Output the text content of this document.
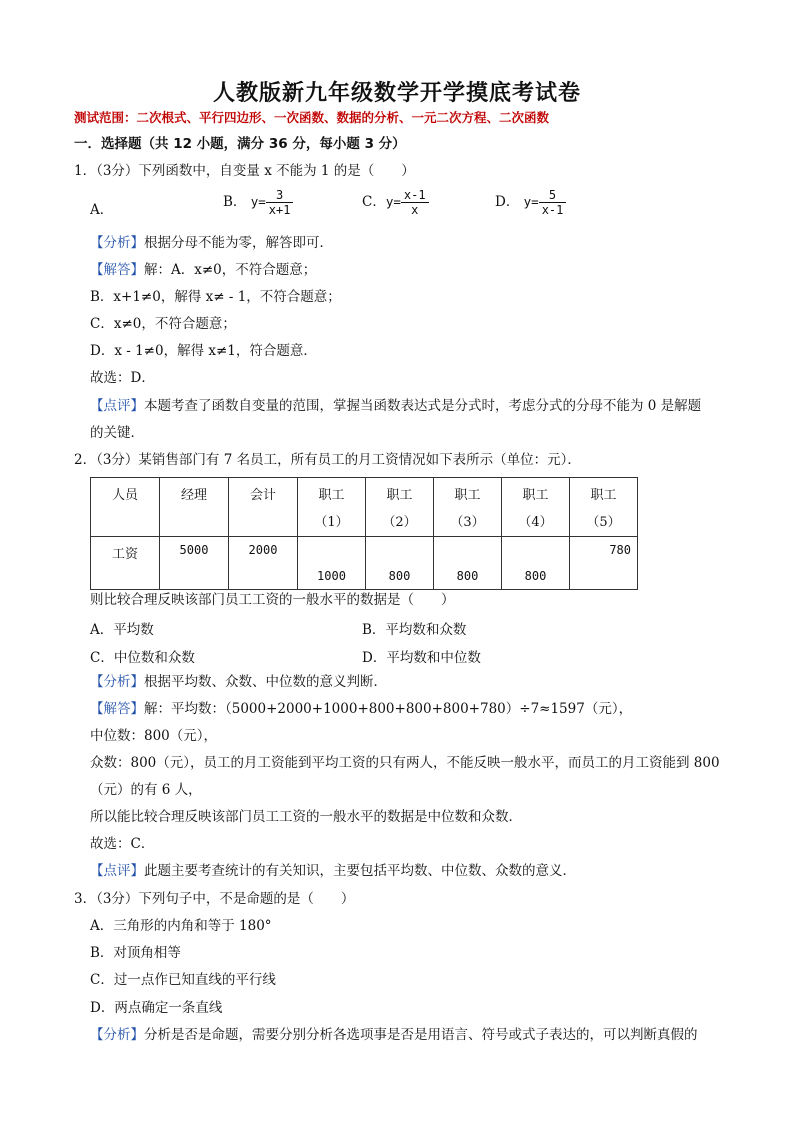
人教版新九年级数学开学摸底考试卷
测试范围：二次根式、平行四边形、一次函数、数据的分析、一元二次方程、二次函数
一．选择题（共 12 小题，满分 36 分，每小题 3 分）
1．（3分）下列函数中，自变量 x 不能为 1 的是（　　）
A．	B． $y= \frac{3}{x+1}$	C．$y= \frac{x-1}{x}$	D． $y= \frac{5}{x-1}$
【分析】根据分母不能为零，解答即可．
【解答】解：A．x≠0，不符合题意；
B．x+1≠0，解得 x≠ - 1，不符合题意；
C．x≠0，不符合题意；
D．x - 1≠0，解得 x≠1，符合题意．
故选：D．
【点评】本题考查了函数自变量的范围，掌握当函数表达式是分式时，考虑分式的分母不能为 0 是解题
的关键．
2．（3分）某销售部门有 7 名员工，所有员工的月工资情况如下表所示（单位：元）．
人员	经理	会计	职工
（1）	职工
（2）	职工
（3）	职工
（4）	职工
（5）

工资	5000	2000	1000	800	800	800	780
则比较合理反映该部门员工工资的一般水平的数据是（　　）
A．平均数	B．平均数和众数
C．中位数和众数	D．平均数和中位数
【分析】根据平均数、众数、中位数的意义判断．
【解答】解：平均数：（5000+2000+1000+800+800+800+780）÷7≈1597（元），
中位数：800（元），
众数：800（元），员工的月工资能到平均工资的只有两人，不能反映一般水平，而员工的月工资能到 800
（元）的有 6 人，
所以能比较合理反映该部门员工工资的一般水平的数据是中位数和众数．
故选：C．
【点评】此题主要考查统计的有关知识，主要包括平均数、中位数、众数的意义．
3．（3分）下列句子中，不是命题的是（　　）
A．三角形的内角和等于 180°
B．对顶角相等
C．过一点作已知直线的平行线
D．两点确定一条直线
【分析】分析是否是命题，需要分别分析各选项事是否是用语言、符号或式子表达的，可以判断真假的
